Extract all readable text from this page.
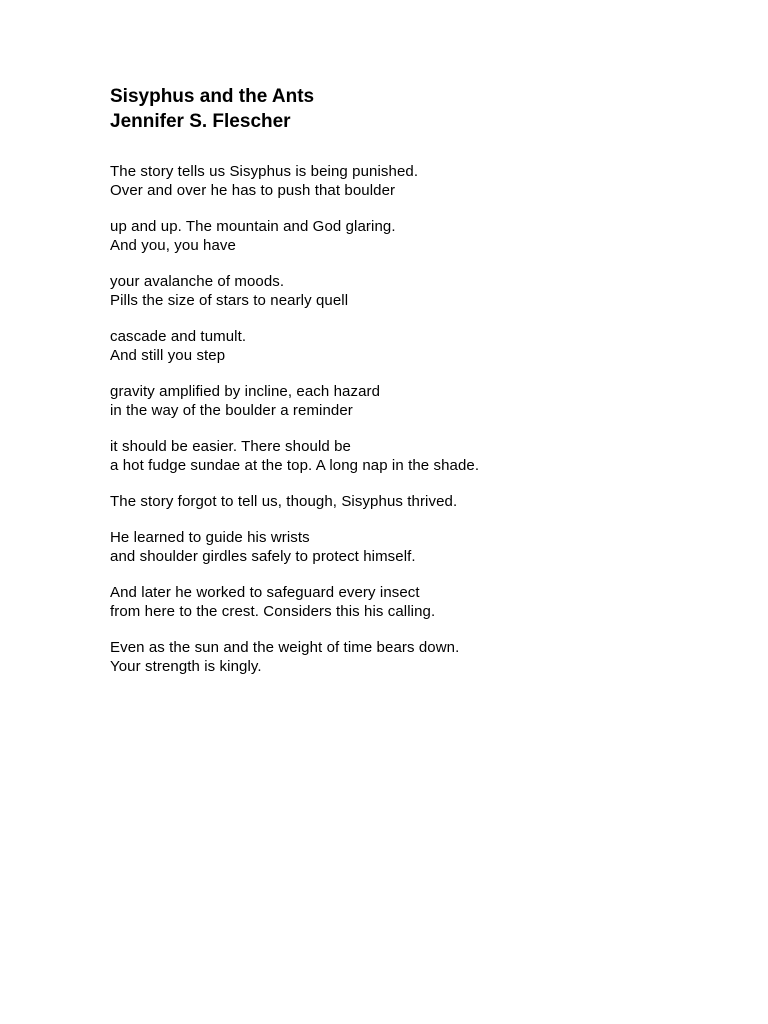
Sisyphus and the Ants
Jennifer S. Flescher
The story tells us Sisyphus is being punished.
Over and over he has to push that boulder
up and up. The mountain and God glaring.
And you, you have
your avalanche of moods.
Pills the size of stars to nearly quell
cascade and tumult.
And still you step
gravity amplified by incline, each hazard
in the way of the boulder a reminder
it should be easier. There should be
a hot fudge sundae at the top. A long nap in the shade.
The story forgot to tell us, though, Sisyphus thrived.
He learned to guide his wrists
and shoulder girdles safely to protect himself.
And later he worked to safeguard every insect
from here to the crest. Considers this his calling.
Even as the sun and the weight of time bears down.
Your strength is kingly.
